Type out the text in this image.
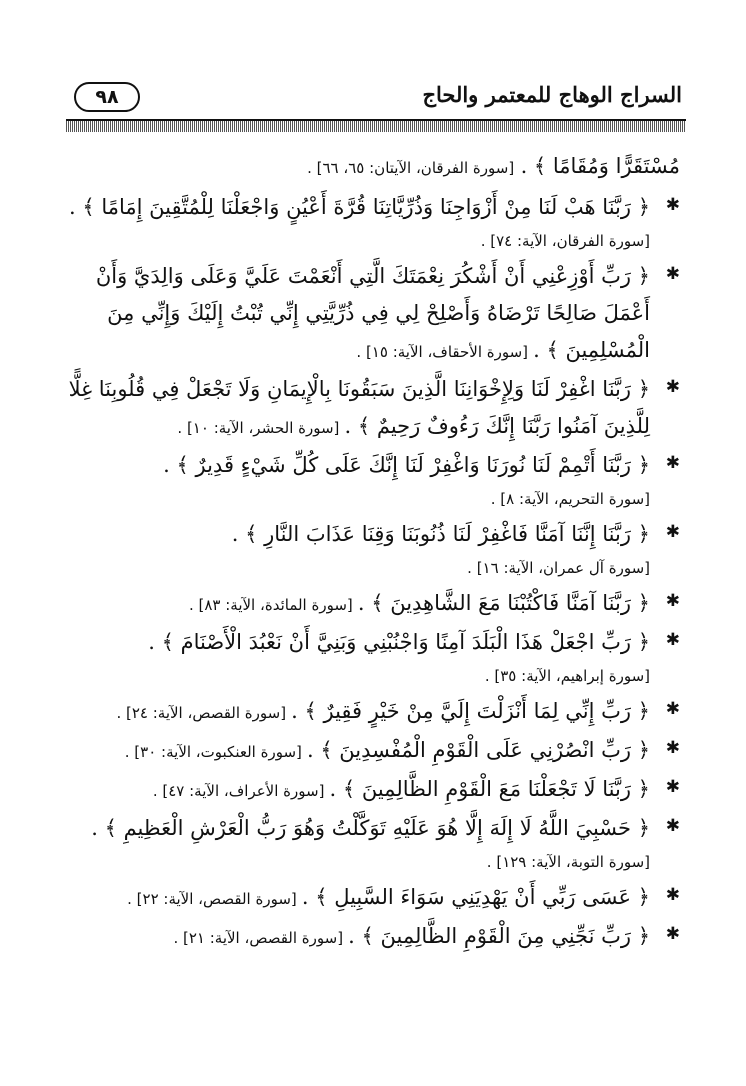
٩٨	السراج الوهاج للمعتمر والحاج
مُسْتَقَرًّا وَمُقَامًا ﴾ . [سورة الفرقان، الآيتان: ٦٥، ٦٦] .
✱
﴿ رَبَّنَا هَبْ لَنَا مِنْ أَزْوَاجِنَا وَذُرِّيَّاتِنَا قُرَّةَ أَعْيُنٍ وَاجْعَلْنَا لِلْمُتَّقِينَ إِمَامًا ﴾ . [سورة الفرقان، الآية: ٧٤] .
✱
﴿ رَبِّ أَوْزِعْنِي أَنْ أَشْكُرَ نِعْمَتَكَ الَّتِي أَنْعَمْتَ عَلَيَّ وَعَلَى وَالِدَيَّ وَأَنْ أَعْمَلَ صَالِحًا تَرْضَاهُ وَأَصْلِحْ لِي فِي ذُرِّيَّتِي إِنِّي تُبْتُ إِلَيْكَ وَإِنِّي مِنَ الْمُسْلِمِينَ ﴾ . [سورة الأحقاف، الآية: ١٥] .
✱
﴿ رَبَّنَا اغْفِرْ لَنَا وَلِإِخْوَانِنَا الَّذِينَ سَبَقُونَا بِالْإِيمَانِ وَلَا تَجْعَلْ فِي قُلُوبِنَا غِلًّا لِلَّذِينَ آمَنُوا رَبَّنَا إِنَّكَ رَءُوفٌ رَحِيمٌ ﴾ . [سورة الحشر، الآية: ١٠] .
✱
﴿ رَبَّنَا أَتْمِمْ لَنَا نُورَنَا وَاغْفِرْ لَنَا إِنَّكَ عَلَى كُلِّ شَيْءٍ قَدِيرٌ ﴾ . [سورة التحريم، الآية: ٨] .
✱
﴿ رَبَّنَا إِنَّنَا آمَنَّا فَاغْفِرْ لَنَا ذُنُوبَنَا وَقِنَا عَذَابَ النَّارِ ﴾ . [سورة آل عمران، الآية: ١٦] .
✱
﴿ رَبَّنَا آمَنَّا فَاكْتُبْنَا مَعَ الشَّاهِدِينَ ﴾ . [سورة المائدة، الآية: ٨٣] .
✱
﴿ رَبِّ اجْعَلْ هَذَا الْبَلَدَ آمِنًا وَاجْنُبْنِي وَبَنِيَّ أَنْ نَعْبُدَ الْأَصْنَامَ ﴾ . [سورة إبراهيم، الآية: ٣٥] .
✱
﴿ رَبِّ إِنِّي لِمَا أَنْزَلْتَ إِلَيَّ مِنْ خَيْرٍ فَقِيرٌ ﴾ . [سورة القصص، الآية: ٢٤] .
✱
﴿ رَبِّ انْصُرْنِي عَلَى الْقَوْمِ الْمُفْسِدِينَ ﴾ . [سورة العنكبوت، الآية: ٣٠] .
✱
﴿ رَبَّنَا لَا تَجْعَلْنَا مَعَ الْقَوْمِ الظَّالِمِينَ ﴾ . [سورة الأعراف، الآية: ٤٧] .
✱
﴿ حَسْبِيَ اللَّهُ لَا إِلَهَ إِلَّا هُوَ عَلَيْهِ تَوَكَّلْتُ وَهُوَ رَبُّ الْعَرْشِ الْعَظِيمِ ﴾ .
[سورة التوبة، الآية: ١٢٩] .
✱
﴿ عَسَى رَبِّي أَنْ يَهْدِيَنِي سَوَاءَ السَّبِيلِ ﴾ . [سورة القصص، الآية: ٢٢] .
✱
﴿ رَبِّ نَجِّنِي مِنَ الْقَوْمِ الظَّالِمِينَ ﴾ . [سورة القصص، الآية: ٢١] .
